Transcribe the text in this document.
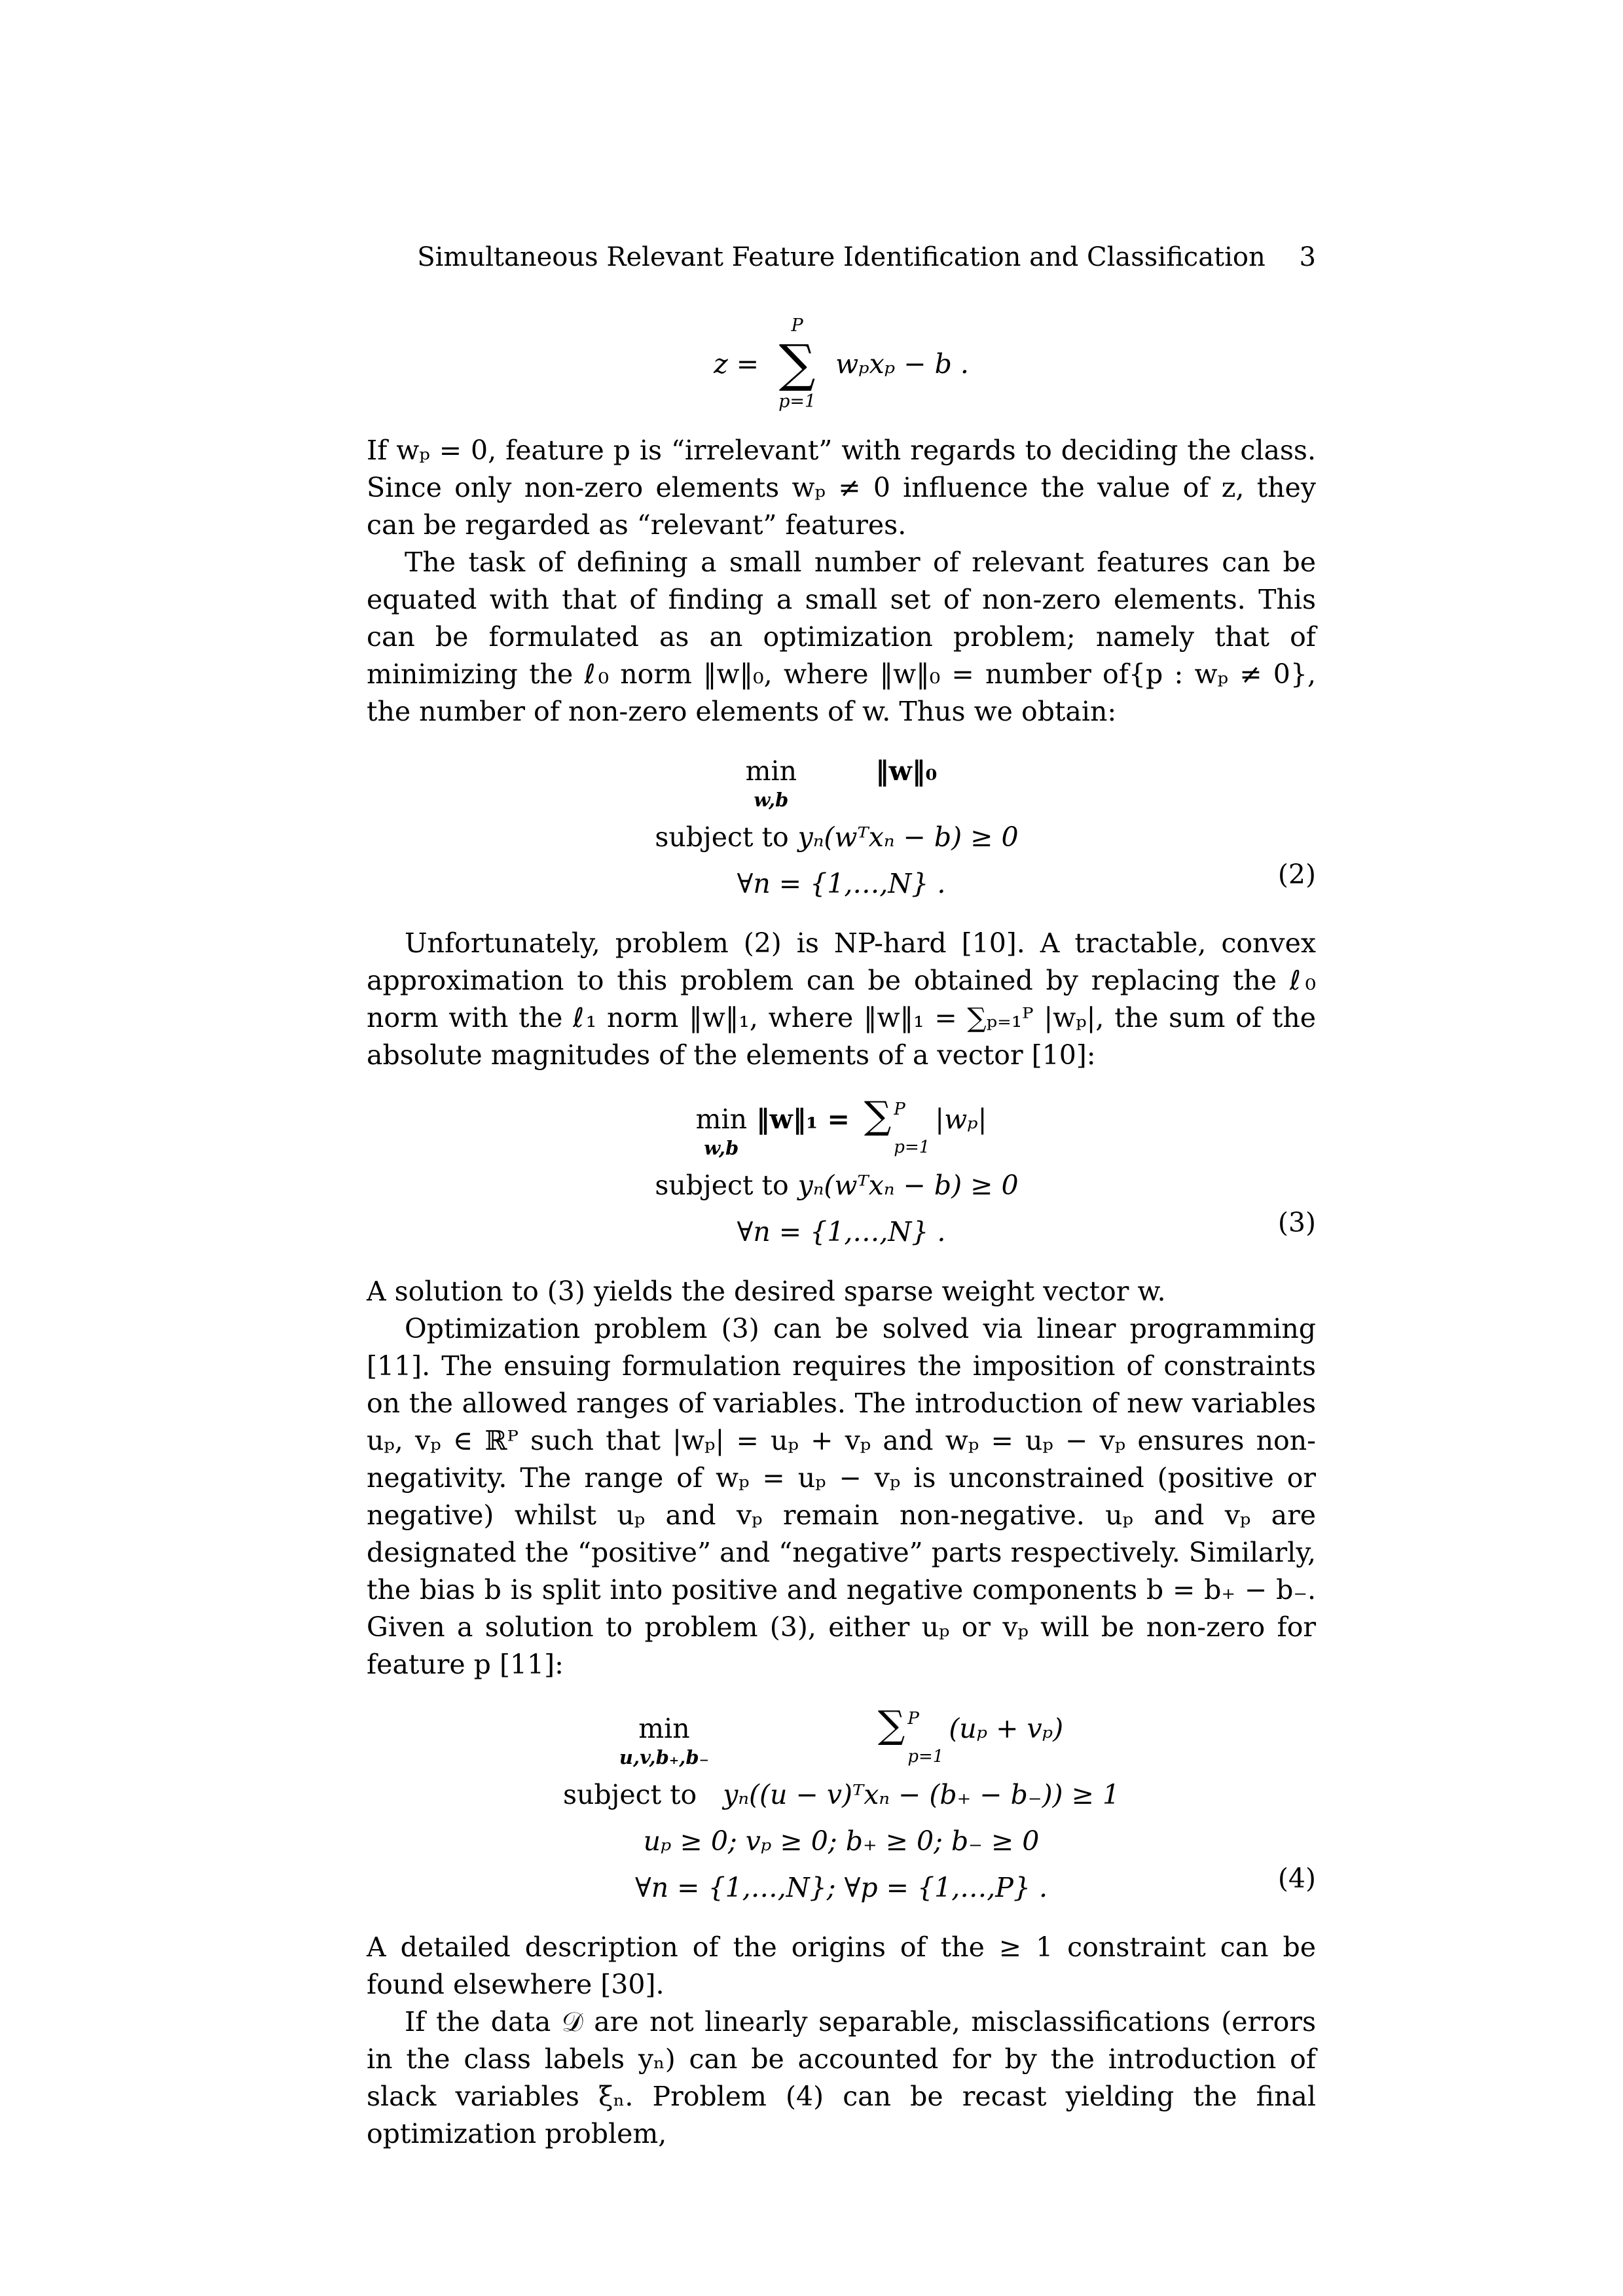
Simultaneous Relevant Feature Identification and Classification	3
z =
P
∑
p=1
wₚxₚ − b .

If wₚ = 0, feature p is “irrelevant” with regards to deciding the class. Since only non-zero elements wₚ ≠ 0 influence the value of z, they can be regarded as “relevant” features.

The task of defining a small number of relevant features can be equated with that of finding a small set of non-zero elements. This can be formulated as an optimization problem; namely that of minimizing the ℓ₀ norm ‖w‖₀, where ‖w‖₀ = number of{p : wₚ ≠ 0}, the number of non-zero elements of w. Thus we obtain:

min
w,b
‖w‖₀
subject to yₙ(wᵀxₙ − b) ≥ 0
∀n = {1,…,N} .	(2)

Unfortunately, problem (2) is NP-hard [10]. A tractable, convex approximation to this problem can be obtained by replacing the ℓ₀ norm with the ℓ₁ norm ‖w‖₁, where ‖w‖₁ = ∑ₚ₌₁ᴾ |wₚ|, the sum of the absolute magnitudes of the elements of a vector [10]:

min
w,b
‖w‖₁ = ∑ P
p=1
|wₚ|
subject to yₙ(wᵀxₙ − b) ≥ 0
∀n = {1,…,N} .	(3)

A solution to (3) yields the desired sparse weight vector w.

Optimization problem (3) can be solved via linear programming [11]. The ensuing formulation requires the imposition of constraints on the allowed ranges of variables. The introduction of new variables uₚ, vₚ ∈ ℝᴾ such that |wₚ| = uₚ + vₚ and wₚ = uₚ − vₚ ensures non-negativity. The range of wₚ = uₚ − vₚ is unconstrained (positive or negative) whilst uₚ and vₚ remain non-negative. uₚ and vₚ are designated the “positive” and “negative” parts respectively. Similarly, the bias b is split into positive and negative components b = b₊ − b₋. Given a solution to problem (3), either uₚ or vₚ will be non-zero for feature p [11]:

min
u,v,b₊,b₋
∑ P
p=1
(uₚ + vₚ)
subject to yₙ((u − v)ᵀxₙ − (b₊ − b₋)) ≥ 1
uₚ ≥ 0; vₚ ≥ 0; b₊ ≥ 0; b₋ ≥ 0
∀n = {1,…,N}; ∀p = {1,…,P} .	(4)

A detailed description of the origins of the ≥ 1 constraint can be found elsewhere [30].

If the data 𝒟 are not linearly separable, misclassifications (errors in the class labels yₙ) can be accounted for by the introduction of slack variables ξₙ. Problem (4) can be recast yielding the final optimization problem,
